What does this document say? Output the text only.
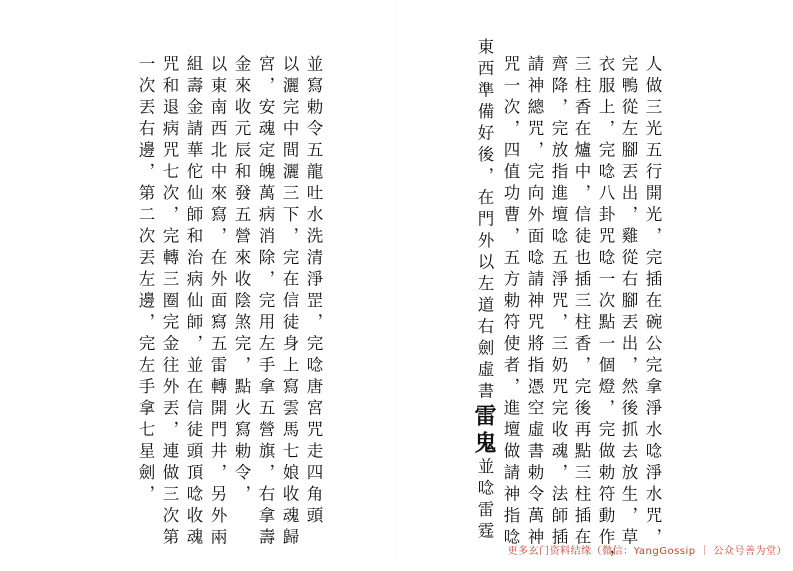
東西準備好後，在門外以左道右劍虛書雷鬼並唸雷霆 咒一次，四值功曹，五方勅符使者，進壇做請神指唸 請神總咒，完向外面唸請神咒將指憑空虛書勅令萬神 齊降，完放指進壇唸五淨咒，三奶咒完收魂，法師插 三柱香在爐中，信徒也插三柱香，完後再點三柱插在 衣服上，完唸八卦咒唸一次點一個燈，完做勅符動作， 完鴨從左腳丟出，雞從右腳丟出，然後抓去放生，草 人做三光五行開光，完插在碗公完拿淨水唸淨水咒，
並寫勅令五龍吐水洗清淨罡，完唸唐宮咒走四角頭
以灑完中間灑三下，完在信徒身上寫雲馬七娘收魂歸
宮，安魂定魄萬病消除，完用左手拿五營旗，右拿壽
金來收元辰和發五營來收陰煞完，點火寫勅令，
以東南西北中來寫，在外面寫五雷轉開門井，另外兩
組壽金請華佗仙師和治病仙師，並在信徒頭頂唸收魂
咒和退病咒七次，完轉三圈完金往外丟，連做三次第
一次丟右邊，第二次丟左邊，完左手拿七星劍，
更多玄门资料结缘（微信：YangGossip ｜ 公众号善为堂）
